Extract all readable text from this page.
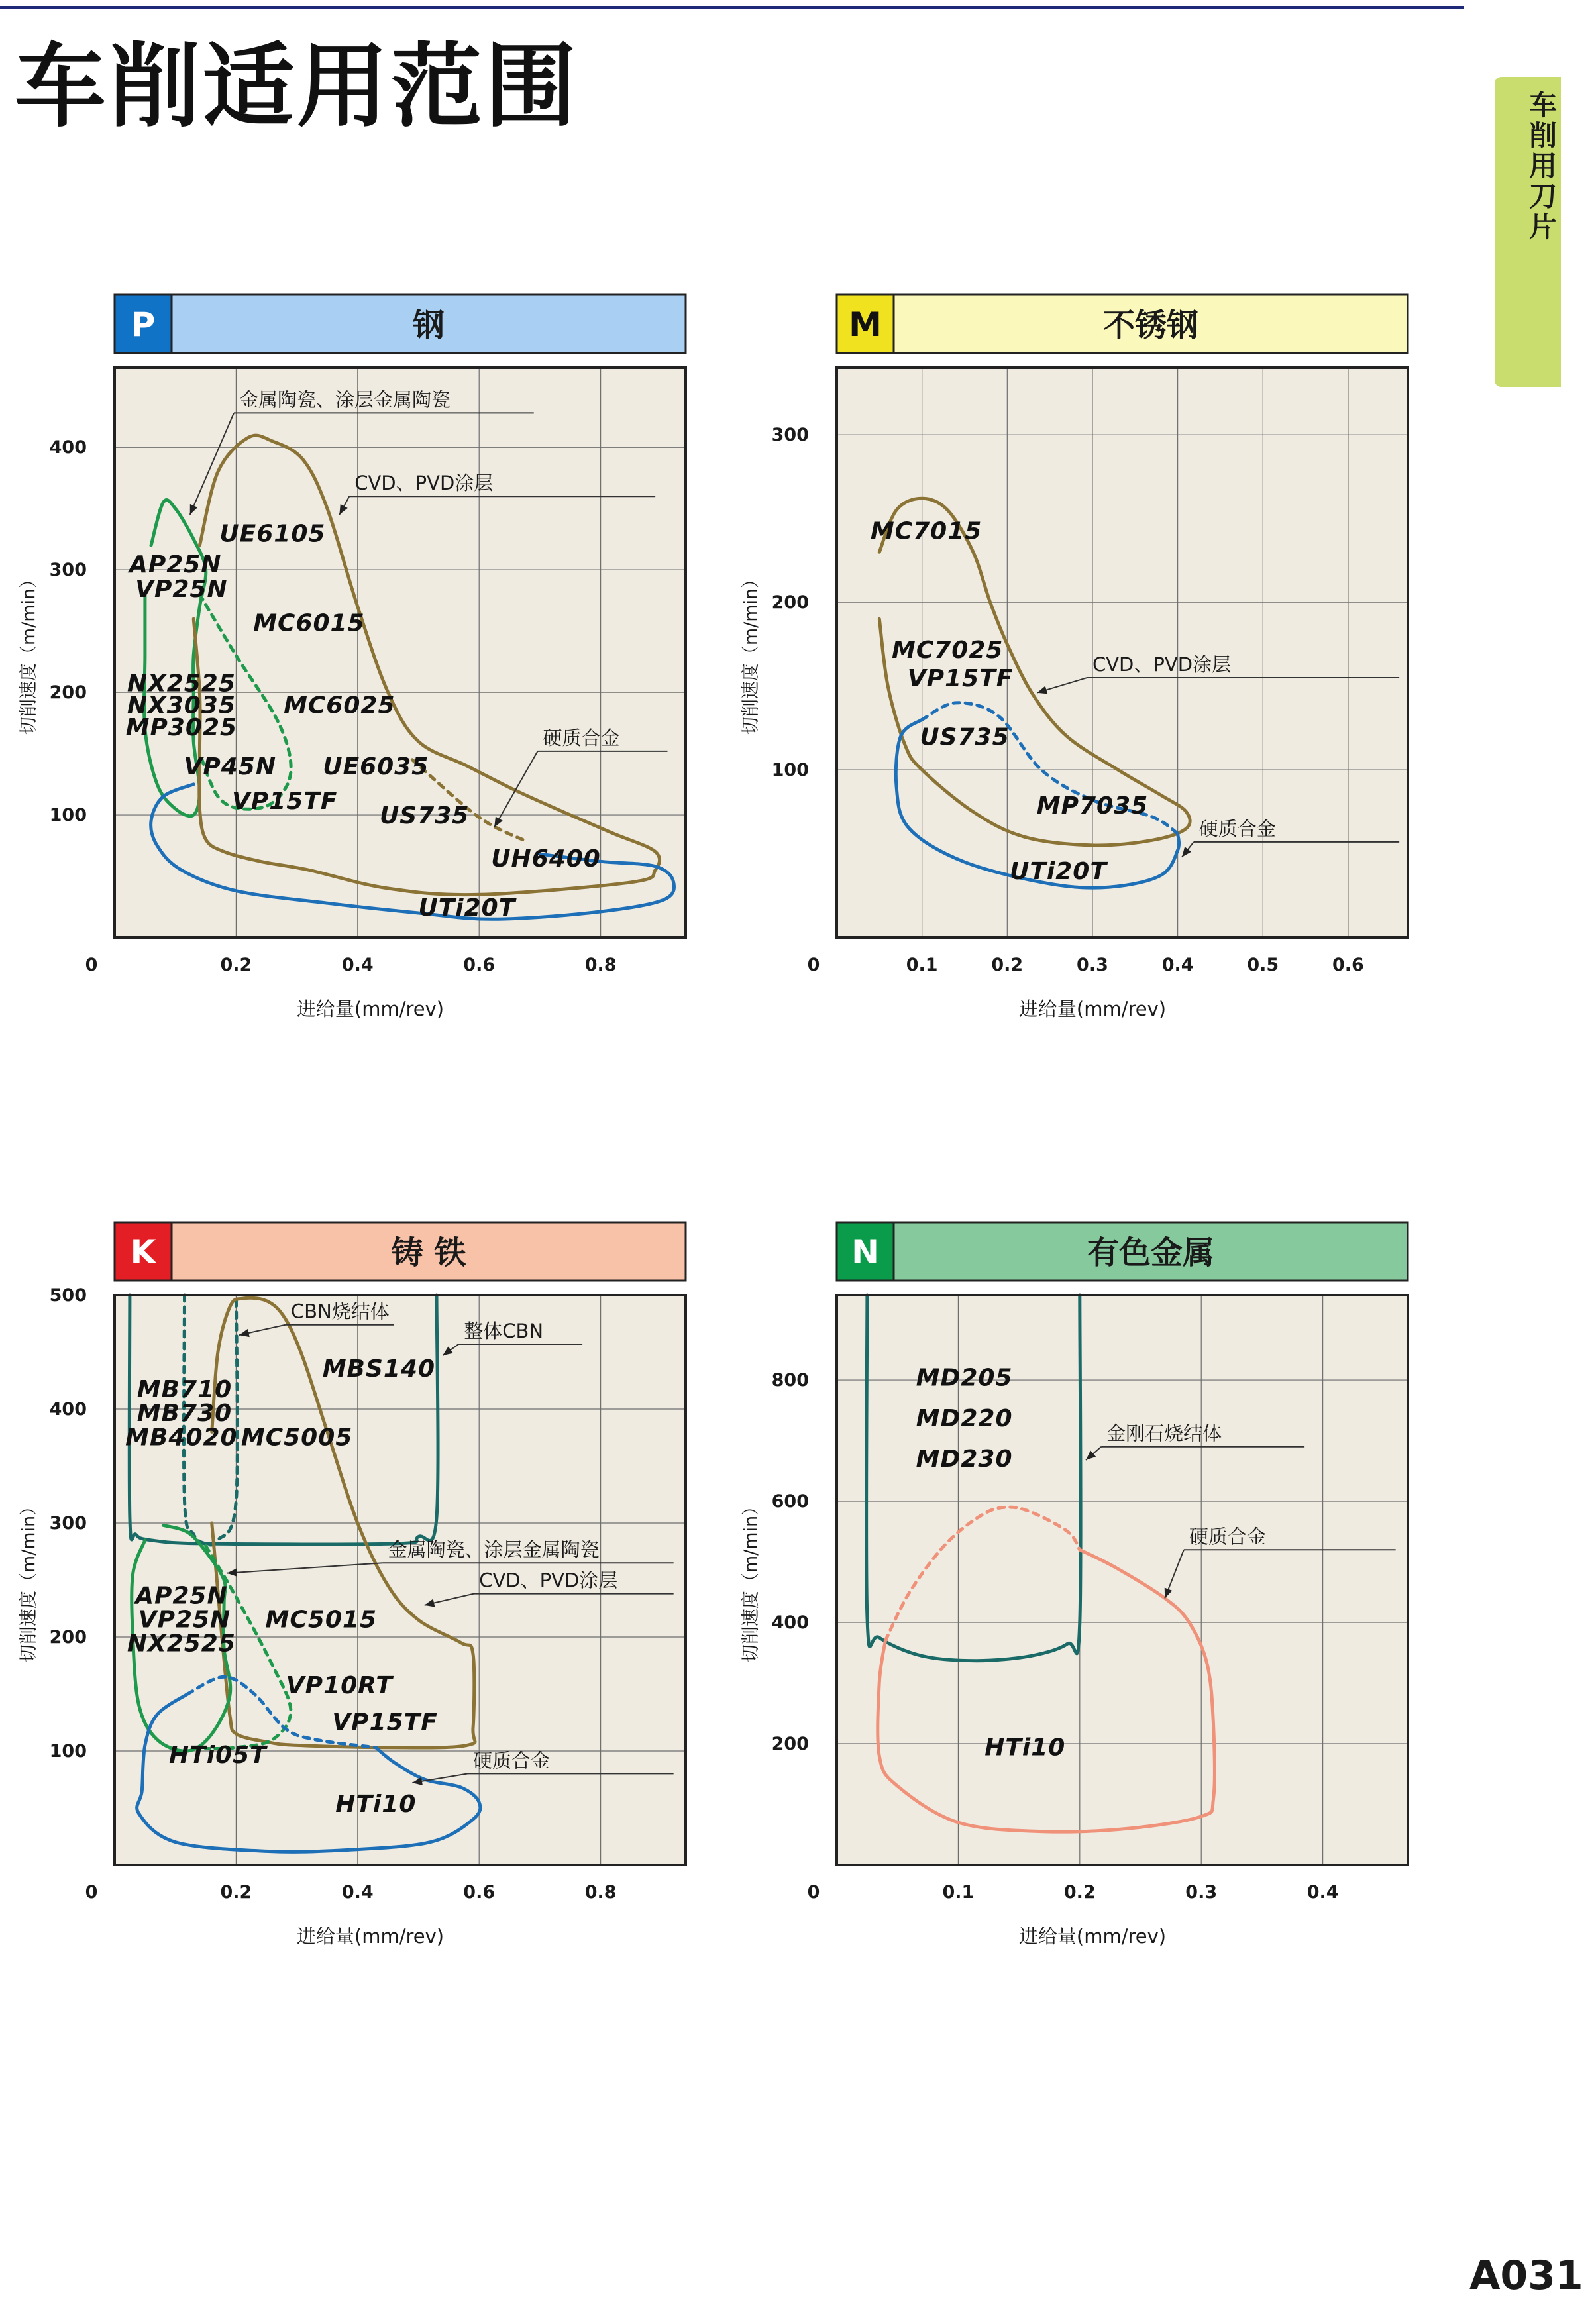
车削适用范围
车削用刀片
A031
P	钢
UE6105
AP25N
VP25N
MC6015
NX2525
NX3035
MP3025
MC6025
VP45N UE6035
VP15TF
US735
UH6400
UTi20T
金属陶瓷、涂层金属陶瓷
CVD、PVD涂层
硬质合金
0.2	0.4	0.6	0.8
100
200
300
400
0
进给量(mm/rev)
切削速度（m/min）
M	不锈钢
MC7015
MC7025
VP15TF
US735
MP7035
UTi20T
CVD、PVD涂层
硬质合金
0.1	0.2	0.3	0.4	0.5	0.6
100
200
300
0
进给量(mm/rev)
切削速度（m/min）
K	铸 铁
MBS140
MB710
MB730
MB4020 MC5005
AP25N
VP25N
NX2525
MC5015
VP10RT
VP15TF
HTi05T
HTi10
CBN烧结体
整体CBN
金属陶瓷、涂层金属陶瓷
CVD、PVD涂层
硬质合金
0.2	0.4	0.6	0.8
100
200
300
400
500
0
进给量(mm/rev)
切削速度（m/min）
N	有色金属
MD205
MD220
MD230
HTi10
金刚石烧结体
硬质合金
0.1	0.2	0.3	0.4
200
400
600
800
0
进给量(mm/rev)
切削速度（m/min）
